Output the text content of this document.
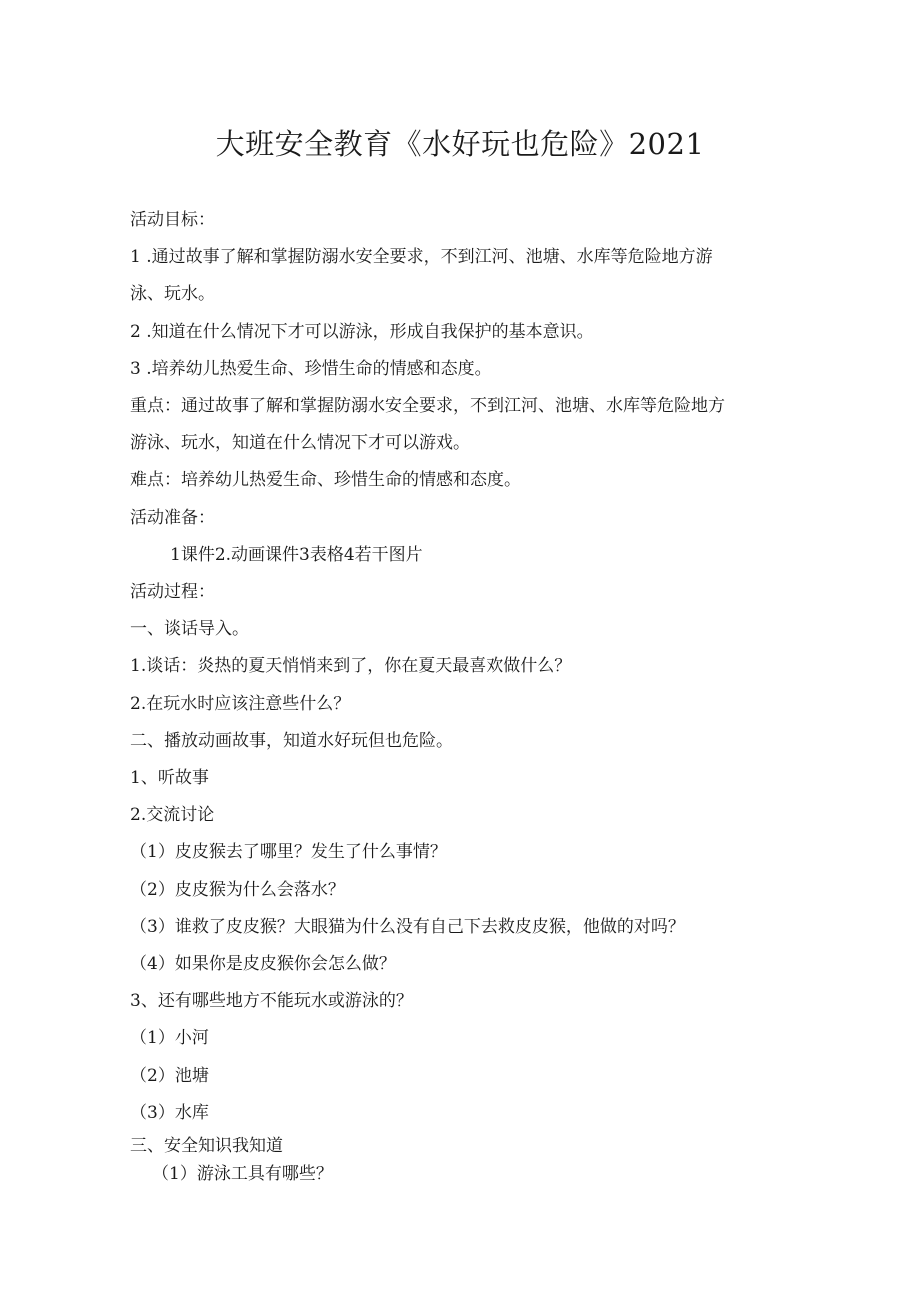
大班安全教育《水好玩也危险》2021

活动目标：

1 .通过故事了解和掌握防溺水安全要求，不到江河、池塘、水库等危险地方游

泳、玩水。

2 .知道在什么情况下才可以游泳，形成自我保护的基本意识。

3 .培养幼儿热爱生命、珍惜生命的情感和态度。

重点：通过故事了解和掌握防溺水安全要求，不到江河、池塘、水库等危险地方

游泳、玩水，知道在什么情况下才可以游戏。

难点：培养幼儿热爱生命、珍惜生命的情感和态度。

活动准备：

1课件2.动画课件3表格4若干图片

活动过程：

一、谈话导入。

1.谈话：炎热的夏天悄悄来到了，你在夏天最喜欢做什么？

2.在玩水时应该注意些什么？

二、播放动画故事，知道水好玩但也危险。

1、听故事

2.交流讨论

（1）皮皮猴去了哪里？发生了什么事情？

（2）皮皮猴为什么会落水？

（3）谁救了皮皮猴？大眼猫为什么没有自己下去救皮皮猴，他做的对吗？

（4）如果你是皮皮猴你会怎么做？

3、还有哪些地方不能玩水或游泳的？

（1）小河

（2）池塘

（3）水库

三、安全知识我知道

（1）游泳工具有哪些？
